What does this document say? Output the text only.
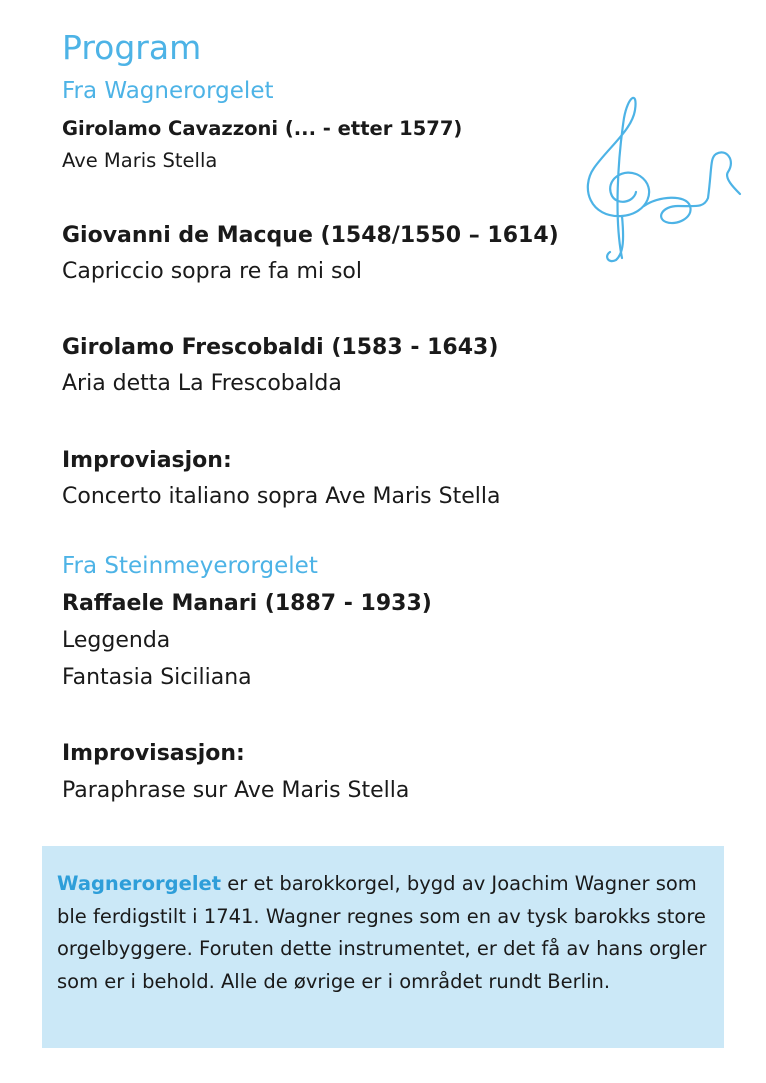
Program
Fra Wagnerorgelet
Girolamo Cavazzoni (... - etter 1577)
Ave Maris Stella
Giovanni de Macque (1548/1550 – 1614)
Capriccio sopra re fa mi sol
Girolamo Frescobaldi (1583 - 1643)
Aria detta La Frescobalda
Improviasjon:
Concerto italiano sopra Ave Maris Stella
Fra Steinmeyerorgelet
Raffaele Manari (1887 - 1933)
Leggenda
Fantasia Siciliana
Improvisasjon:
Paraphrase sur Ave Maris Stella
Wagnerorgelet er et barokkorgel, bygd av Joachim Wagner som ble ferdigstilt i 1741. Wagner regnes som en av tysk barokks store orgelbyggere. Foruten dette instrumentet, er det få av hans orgler som er i behold. Alle de øvrige er i området rundt Berlin.
